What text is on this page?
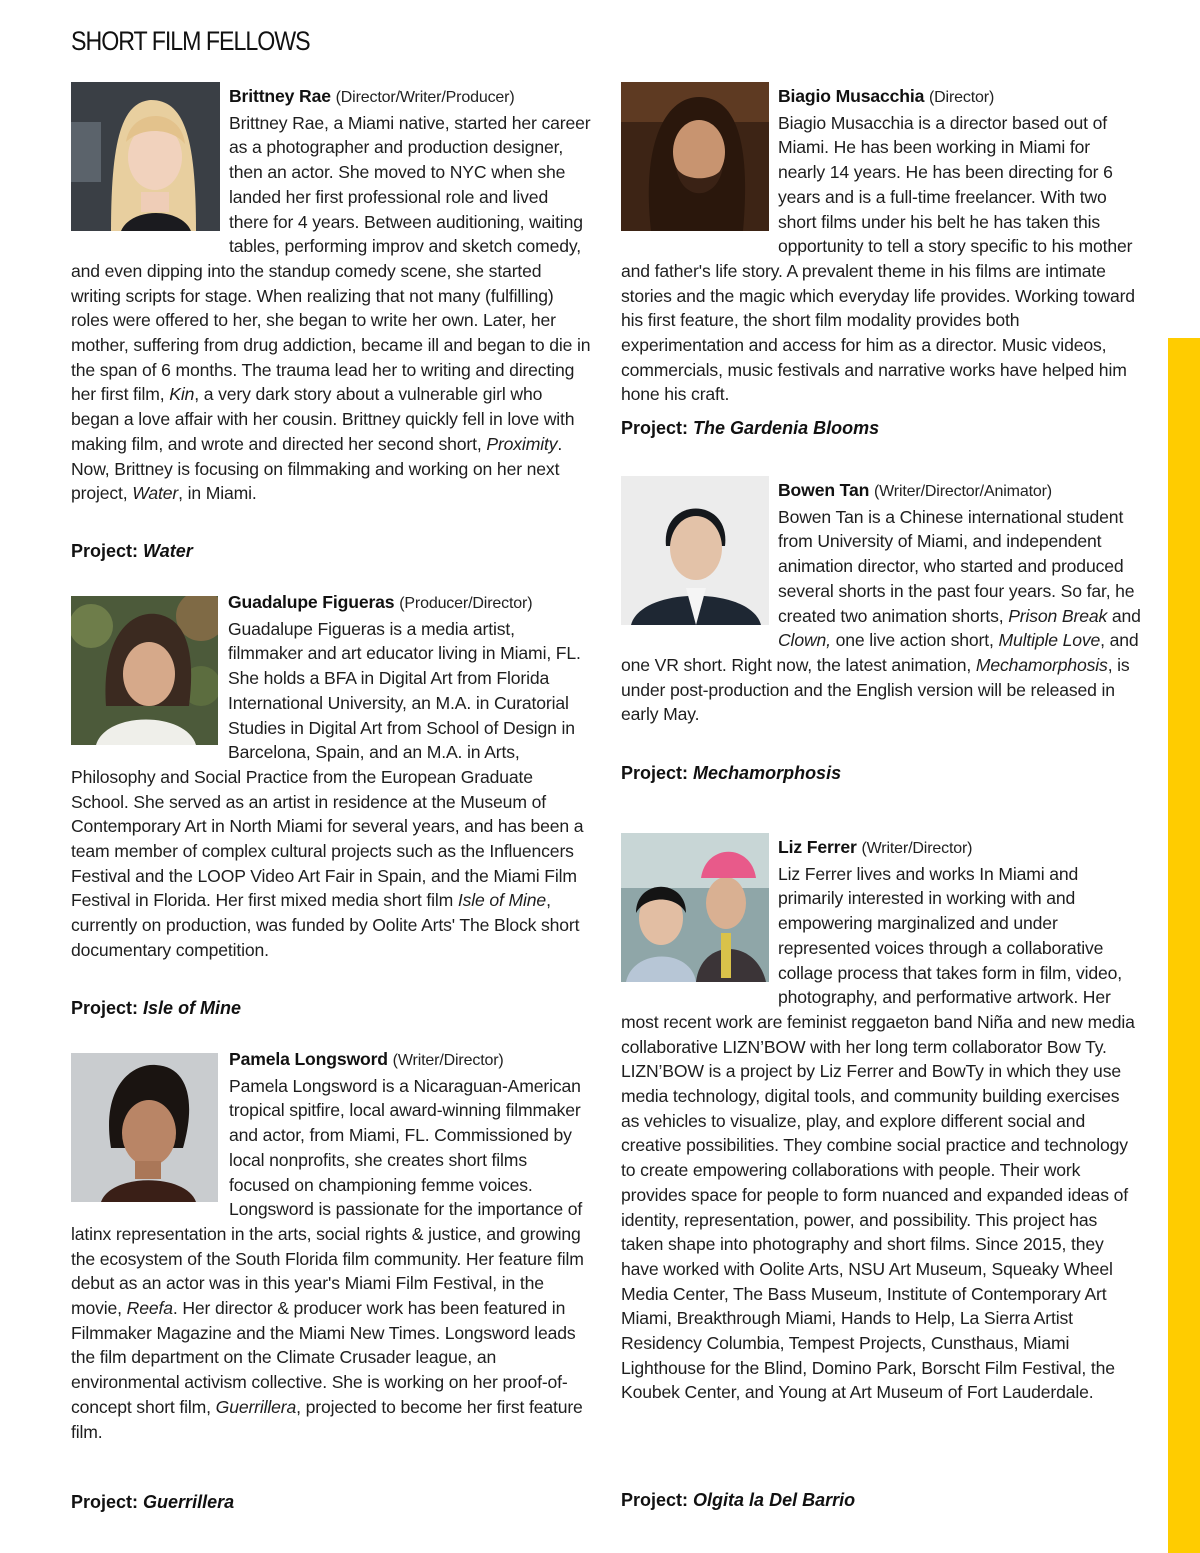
SHORT FILM FELLOWS
Brittney Rae (Director/Writer/Producer)
Brittney Rae, a Miami native, started her career as a photographer and production designer, then an actor. She moved to NYC when she landed her first professional role and lived there for 4 years. Between auditioning, waiting tables, performing improv and sketch comedy, and even dipping into the standup comedy scene, she started writing scripts for stage. When realizing that not many (fulfilling) roles were offered to her, she began to write her own. Later, her mother, suffering from drug addiction, became ill and began to die in the span of 6 months. The trauma lead her to writing and directing her first film, Kin, a very dark story about a vulnerable girl who began a love affair with her cousin. Brittney quickly fell in love with making film, and wrote and directed her second short, Proximity. Now, Brittney is focusing on filmmaking and working on her next project, Water, in Miami.
Project: Water
Guadalupe Figueras (Producer/Director)
Guadalupe Figueras is a media artist, filmmaker and art educator living in Miami, FL. She holds a BFA in Digital Art from Florida International University, an M.A. in Curatorial Studies in Digital Art from School of Design in Barcelona, Spain, and an M.A. in Arts, Philosophy and Social Practice from the European Graduate School. She served as an artist in residence at the Museum of Contemporary Art in North Miami for several years, and has been a team member of complex cultural projects such as the Influencers Festival and the LOOP Video Art Fair in Spain, and the Miami Film Festival in Florida. Her first mixed media short film Isle of Mine, currently on production, was funded by Oolite Arts' The Block short documentary competition.
Project: Isle of Mine
Pamela Longsword (Writer/Director)
Pamela Longsword is a Nicaraguan-American tropical spitfire, local award-winning filmmaker and actor, from Miami, FL. Commissioned by local nonprofits, she creates short films focused on championing femme voices. Longsword is passionate for the importance of latinx representation in the arts, social rights & justice, and growing the ecosystem of the South Florida film community. Her feature film debut as an actor was in this year's Miami Film Festival, in the movie, Reefa. Her director & producer work has been featured in Filmmaker Magazine and the Miami New Times. Longsword leads the film department on the Climate Crusader league, an environmental activism collective. She is working on her proof-of-concept short film, Guerrillera, projected to become her first feature film.
Project: Guerrillera
Biagio Musacchia (Director)
Biagio Musacchia is a director based out of Miami. He has been working in Miami for nearly 14 years. He has been directing for 6 years and is a full-time freelancer. With two short films under his belt he has taken this opportunity to tell a story specific to his mother and father's life story. A prevalent theme in his films are intimate stories and the magic which everyday life provides. Working toward his first feature, the short film modality provides both experimentation and access for him as a director. Music videos, commercials, music festivals and narrative works have helped him hone his craft.
Project: The Gardenia Blooms
Bowen Tan (Writer/Director/Animator)
Bowen Tan is a Chinese international student from University of Miami, and independent animation director, who started and produced several shorts in the past four years. So far, he created two animation shorts, Prison Break and Clown, one live action short, Multiple Love, and one VR short. Right now, the latest animation, Mechamorphosis, is under post-production and the English version will be released in early May.
Project: Mechamorphosis
Liz Ferrer (Writer/Director)
Liz Ferrer lives and works In Miami and primarily interested in working with and empowering marginalized and under represented voices through a collaborative collage process that takes form in film, video, photography, and performative artwork. Her most recent work are feminist reggaeton band Niña and new media collaborative LIZN’BOW with her long term collaborator Bow Ty. LIZN’BOW is a project by Liz Ferrer and BowTy in which they use media technology, digital tools, and community building exercises as vehicles to visualize, play, and explore different social and creative possibilities. They combine social practice and technology to create empowering collaborations with people. Their work provides space for people to form nuanced and expanded ideas of identity, representation, power, and possibility. This project has taken shape into photography and short films. Since 2015, they have worked with Oolite Arts, NSU Art Museum, Squeaky Wheel Media Center, The Bass Museum, Institute of Contemporary Art Miami, Breakthrough Miami, Hands to Help, La Sierra Artist Residency Columbia, Tempest Projects, Cunsthaus, Miami Lighthouse for the Blind, Domino Park, Borscht Film Festival, the Koubek Center, and Young at Art Museum of Fort Lauderdale.
Project: Olgita la Del Barrio
